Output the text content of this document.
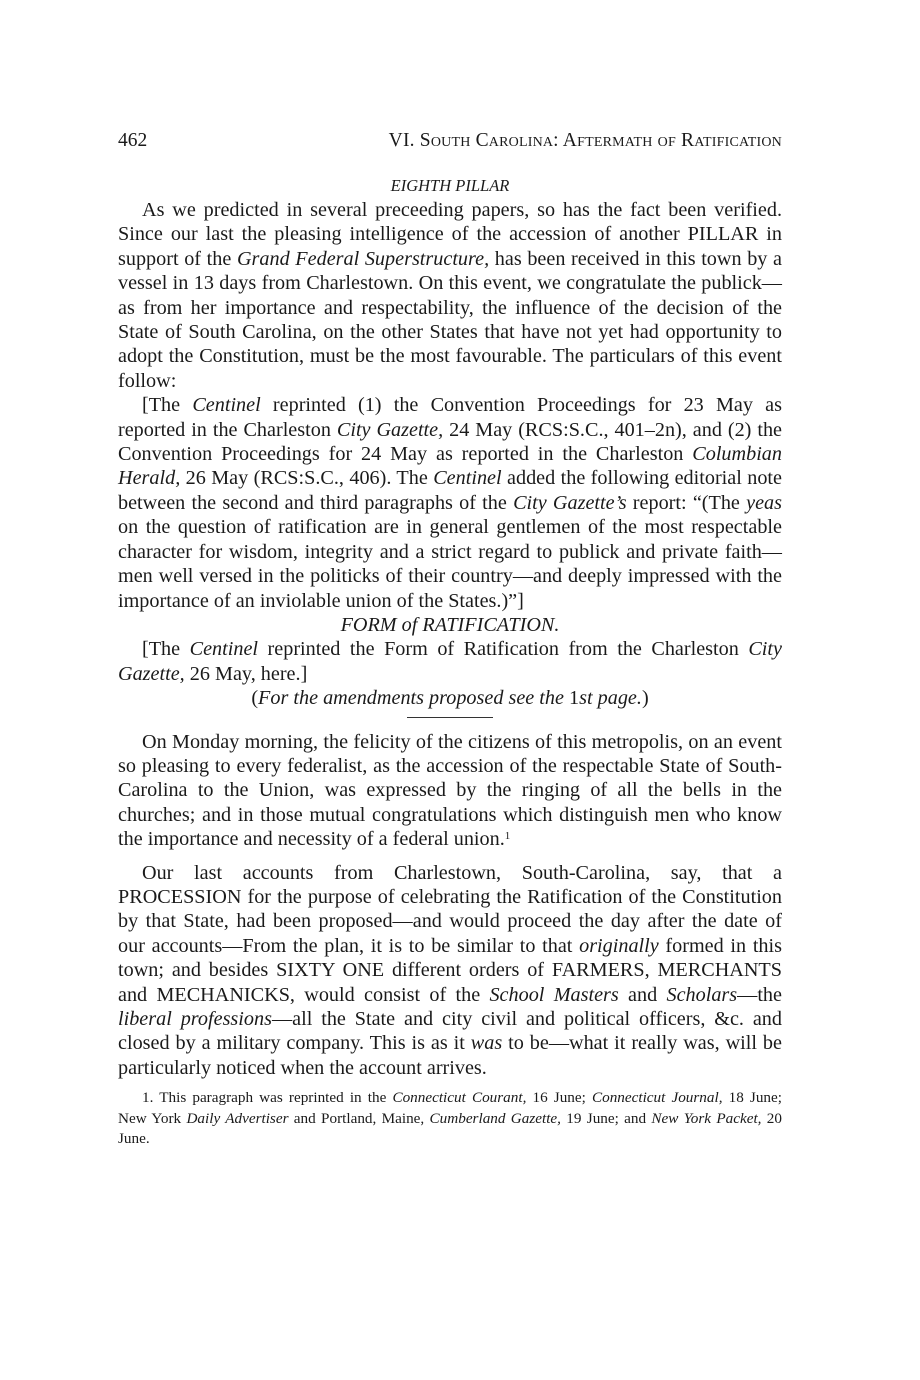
462	VI. South Carolina: Aftermath of Ratification
EIGHTH PILLAR

As we predicted in several preceeding papers, so has the fact been verified. Since our last the pleasing intelligence of the accession of another PILLAR in support of the Grand Federal Superstructure, has been received in this town by a vessel in 13 days from Charlestown. On this event, we congratulate the publick—as from her importance and respectability, the influence of the decision of the State of South Carolina, on the other States that have not yet had opportunity to adopt the Constitution, must be the most favourable. The particulars of this event follow:

[The Centinel reprinted (1) the Convention Proceedings for 23 May as reported in the Charleston City Gazette, 24 May (RCS:S.C., 401–2n), and (2) the Convention Proceedings for 24 May as reported in the Charleston Columbian Herald, 26 May (RCS:S.C., 406). The Centinel added the following editorial note between the second and third paragraphs of the City Gazette’s report: “(The yeas on the question of ratification are in general gentlemen of the most respectable character for wisdom, integrity and a strict regard to publick and private faith—men well versed in the politicks of their country—and deeply impressed with the importance of an inviolable union of the States.)”]

FORM of RATIFICATION.

[The Centinel reprinted the Form of Ratification from the Charleston City Gazette, 26 May, here.]

(For the amendments proposed see the 1st page.)

On Monday morning, the felicity of the citizens of this metropolis, on an event so pleasing to every federalist, as the accession of the respectable State of South-Carolina to the Union, was expressed by the ringing of all the bells in the churches; and in those mutual congratulations which distinguish men who know the importance and necessity of a federal union.$^1$

Our last accounts from Charlestown, South-Carolina, say, that a PROCESSION for the purpose of celebrating the Ratification of the Constitution by that State, had been proposed—and would proceed the day after the date of our accounts—From the plan, it is to be similar to that originally formed in this town; and besides SIXTY ONE different orders of FARMERS, MERCHANTS and MECHANICKS, would consist of the School Masters and Scholars—the liberal professions—all the State and city civil and political officers, &c. and closed by a military company. This is as it was to be—what it really was, will be particularly noticed when the account arrives.

1. This paragraph was reprinted in the Connecticut Courant, 16 June; Connecticut Journal, 18 June; New York Daily Advertiser and Portland, Maine, Cumberland Gazette, 19 June; and New York Packet, 20 June.
